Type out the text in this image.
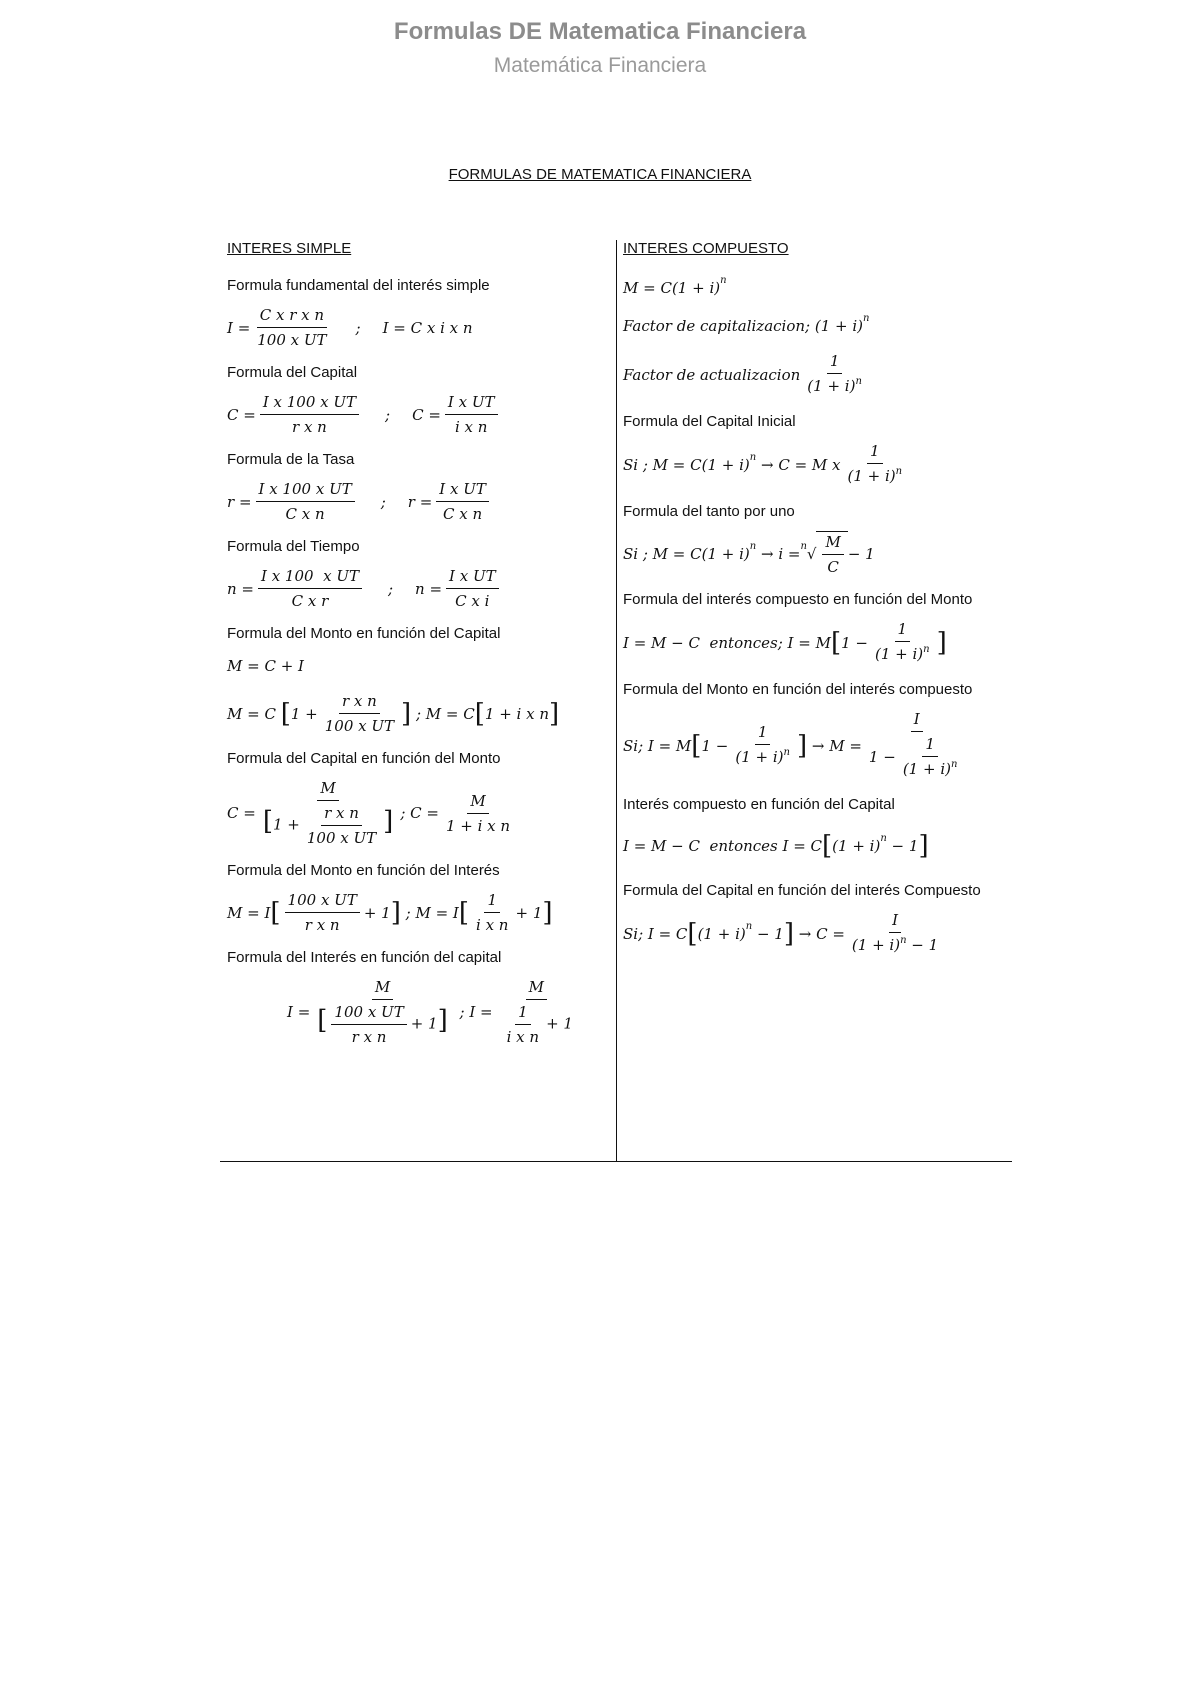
Formulas DE Matematica Financiera
Matemática Financiera
FORMULAS DE MATEMATICA FINANCIERA
INTERES SIMPLE
Formula fundamental del interés simple
$I = \frac{\text{C x r x n}}{\text{100 x UT}}$ ; I = C x i x n
Formula del Capital
$C = \frac{\text{I x 100 x UT}}{\text{r x n}}$ ; $C = \frac{\text{I x UT}}{\text{i x n}}$
Formula de la Tasa
$r = \frac{\text{I x 100 x UT}}{\text{C x n}}$ ; $r = \frac{\text{I x UT}}{\text{C x n}}$
Formula del Tiempo
$n = \frac{\text{I x 100  x UT}}{\text{C x r}}$ ; $n = \frac{\text{I x UT}}{\text{C x i}}$
Formula del Monto en función del Capital
M = C + I
M = C [ $1 + \frac{\text{r x n}}{\text{100 x UT}}$ ] ; M = C [ 1 + i x n ]
Formula del Capital en función del Monto
$C = \frac{M}{[1 + \frac{\text{r x n}}{\text{100 x UT}} ]}$ ; $C = \frac{M}{\text{1 + i x n}}$
Formula del Monto en función del Interés
M = I [ $\frac{\text{100 x UT}}{\text{r x n}} + 1$ ] ; M = I [ $\frac{1}{\text{i x n}} + 1$ ]
Formula del Interés en función del capital
$I = \frac{M}{[ \frac{\text{100 x UT}}{\text{r x n}} + 1]}$ ; $I = \frac{M}{\frac{1}{\text{i x n}} + 1}$
INTERES COMPUESTO
M = C(1 + i) n
Factor de capitalizacion; (1 + i) n
Factor de actualizacion $\frac{1}{(1 + i)^n}$
Formula del Capital Inicial
Si ; M = C(1 + i) n → C = M x $\frac{1}{(1 + i)^n}$
Formula del tanto por uno
Si ; M = C(1 + i) n → i = n √ $\frac{M}{C} - 1$
Formula del interés compuesto en función del Monto
I = M − C  entonces; I = M [ $1 - \frac{1}{(1 + i)^n}$ ]
Formula del Monto en función del interés compuesto
Si; I = M [ $1 - \frac{1}{(1 + i)^n}$ ] → $M = \frac{I}{1 - \frac{1}{(1 + i)^n}}$
Interés compuesto en función del Capital
I = M − C  entonces I = C [ (1 + i) n − 1 ]
Formula del Capital en función del interés Compuesto
Si; I = C [ (1 + i) n − 1 ] → $C = \frac{I}{(1 + i)^n - 1}$
